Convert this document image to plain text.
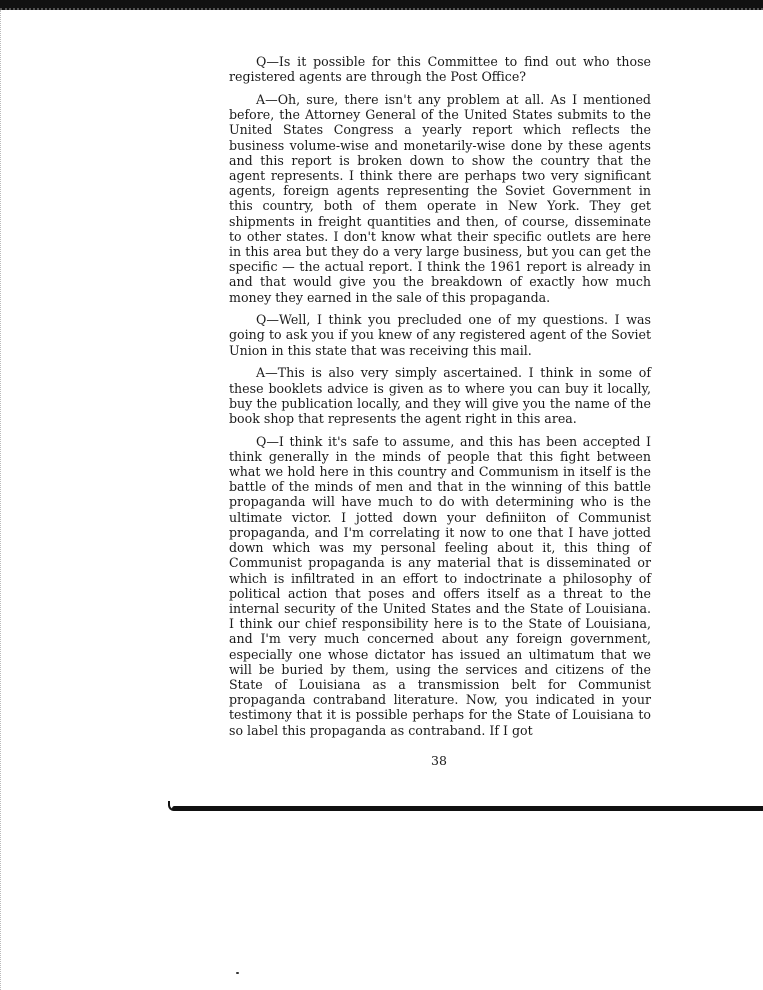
Q—Is it possible for this Committee to find out who those registered agents are through the Post Office?

A—Oh, sure, there isn't any problem at all. As I mentioned before, the Attorney General of the United States submits to the United States Congress a yearly report which reflects the business volume-wise and monetarily-wise done by these agents and this report is broken down to show the country that the agent represents. I think there are perhaps two very significant agents, foreign agents representing the Soviet Government in this country, both of them operate in New York. They get shipments in freight quantities and then, of course, disseminate to other states. I don't know what their specific outlets are here in this area but they do a very large business, but you can get the specific — the actual report. I think the 1961 report is already in and that would give you the breakdown of exactly how much money they earned in the sale of this propaganda.

Q—Well, I think you precluded one of my questions. I was going to ask you if you knew of any registered agent of the Soviet Union in this state that was receiving this mail.

A—This is also very simply ascertained. I think in some of these booklets advice is given as to where you can buy it locally, buy the publication locally, and they will give you the name of the book shop that represents the agent right in this area.

Q—I think it's safe to assume, and this has been accepted I think generally in the minds of people that this fight between what we hold here in this country and Communism in itself is the battle of the minds of men and that in the winning of this battle propaganda will have much to do with determining who is the ultimate victor. I jotted down your definiiton of Communist propaganda, and I'm correlating it now to one that I have jotted down which was my personal feeling about it, this thing of Communist propaganda is any material that is disseminated or which is infiltrated in an effort to indoctrinate a philosophy of political action that poses and offers itself as a threat to the internal security of the United States and the State of Louisiana. I think our chief responsibility here is to the State of Louisiana, and I'm very much concerned about any foreign government, especially one whose dictator has issued an ultimatum that we will be buried by them, using the services and citizens of the State of Louisiana as a transmission belt for Communist propaganda contraband literature. Now, you indicated in your testimony that it is possible perhaps for the State of Louisiana to so label this propaganda as contraband. If I got

38
